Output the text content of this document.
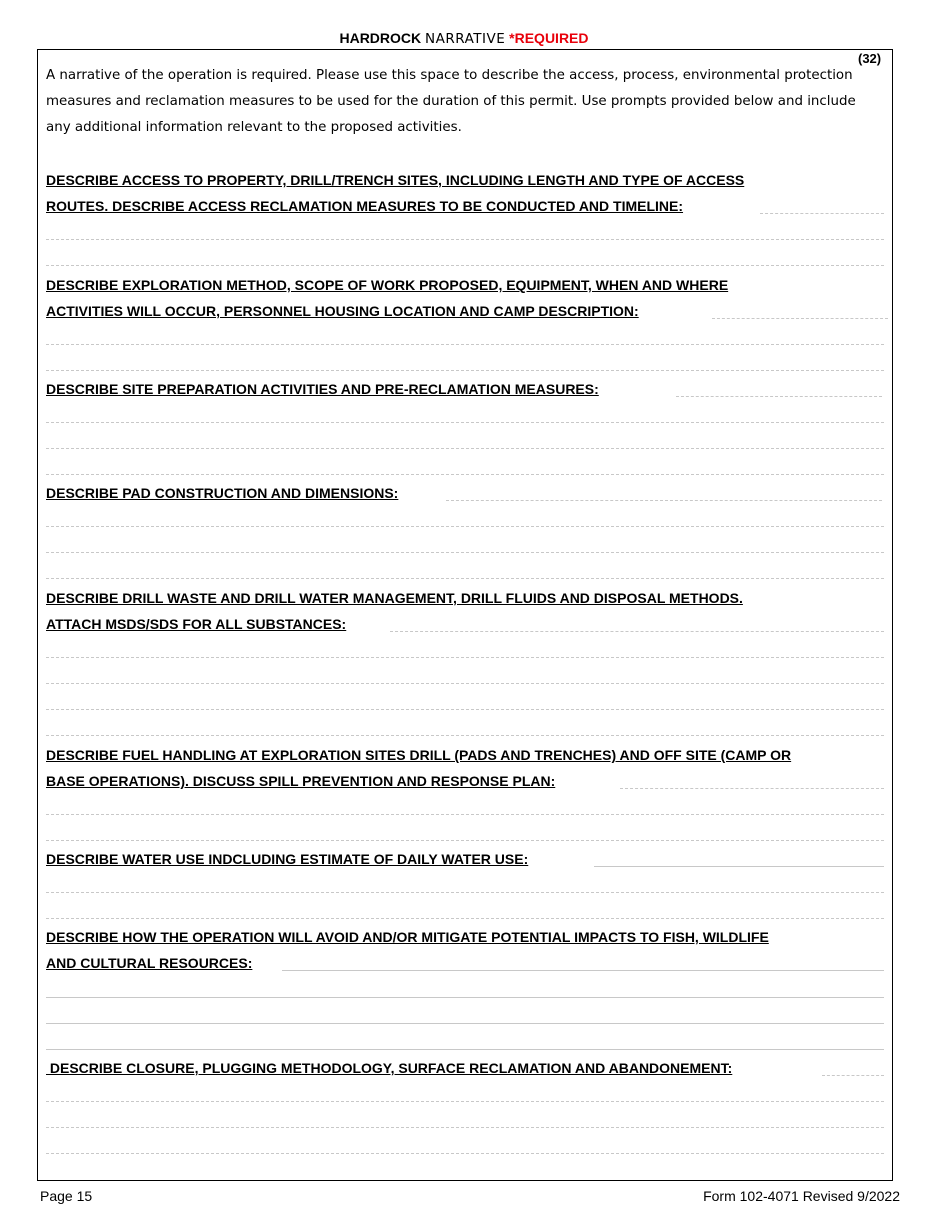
HARDROCK NARRATIVE *REQUIRED
(32)
A narrative of the operation is required. Please use this space to describe the access, process, environmental protection
measures and reclamation measures to be used for the duration of this permit. Use prompts provided below and include
any additional information relevant to the proposed activities.
DESCRIBE ACCESS TO PROPERTY, DRILL/TRENCH SITES, INCLUDING LENGTH AND TYPE OF ACCESS
ROUTES. DESCRIBE ACCESS RECLAMATION MEASURES TO BE CONDUCTED AND TIMELINE:
DESCRIBE EXPLORATION METHOD, SCOPE OF WORK PROPOSED, EQUIPMENT, WHEN AND WHERE
ACTIVITIES WILL OCCUR, PERSONNEL HOUSING LOCATION AND CAMP DESCRIPTION:
DESCRIBE SITE PREPARATION ACTIVITIES AND PRE-RECLAMATION MEASURES:
DESCRIBE PAD CONSTRUCTION AND DIMENSIONS:
DESCRIBE DRILL WASTE AND DRILL WATER MANAGEMENT, DRILL FLUIDS AND DISPOSAL METHODS.
ATTACH MSDS/SDS FOR ALL SUBSTANCES:
DESCRIBE FUEL HANDLING AT EXPLORATION SITES DRILL (PADS AND TRENCHES) AND OFF SITE (CAMP OR
BASE OPERATIONS). DISCUSS SPILL PREVENTION AND RESPONSE PLAN:
DESCRIBE WATER USE INDCLUDING ESTIMATE OF DAILY WATER USE:
DESCRIBE HOW THE OPERATION WILL AVOID AND/OR MITIGATE POTENTIAL IMPACTS TO FISH, WILDLIFE
AND CULTURAL RESOURCES:
DESCRIBE CLOSURE, PLUGGING METHODOLOGY, SURFACE RECLAMATION AND ABANDONEMENT:
Page 15	Form 102-4071 Revised 9/2022
